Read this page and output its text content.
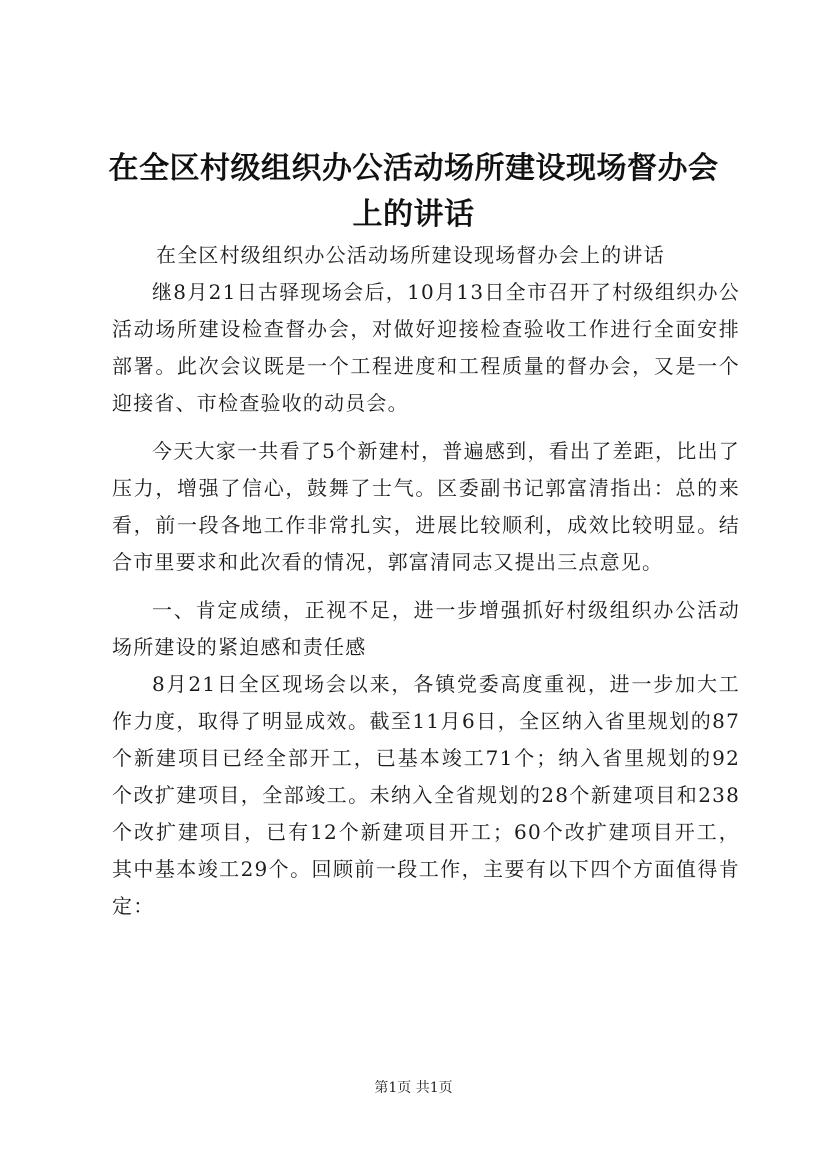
在全区村级组织办公活动场所建设现场督办会上的讲话

在全区村级组织办公活动场所建设现场督办会上的讲话

继8月21日古驿现场会后，10月13日全市召开了村级组织办公活动场所建设检查督办会，对做好迎接检查验收工作进行全面安排部署。此次会议既是一个工程进度和工程质量的督办会，又是一个迎接省、市检查验收的动员会。

今天大家一共看了5个新建村，普遍感到，看出了差距，比出了压力，增强了信心，鼓舞了士气。区委副书记郭富清指出：总的来看，前一段各地工作非常扎实，进展比较顺利，成效比较明显。结合市里要求和此次看的情况，郭富清同志又提出三点意见。

一、肯定成绩，正视不足，进一步增强抓好村级组织办公活动场所建设的紧迫感和责任感

8月21日全区现场会以来，各镇党委高度重视，进一步加大工作力度，取得了明显成效。截至11月6日，全区纳入省里规划的87个新建项目已经全部开工，已基本竣工71个；纳入省里规划的92个改扩建项目，全部竣工。未纳入全省规划的28个新建项目和238个改扩建项目，已有12个新建项目开工；60个改扩建项目开工，其中基本竣工29个。回顾前一段工作，主要有以下四个方面值得肯定：

第1页 共1页
